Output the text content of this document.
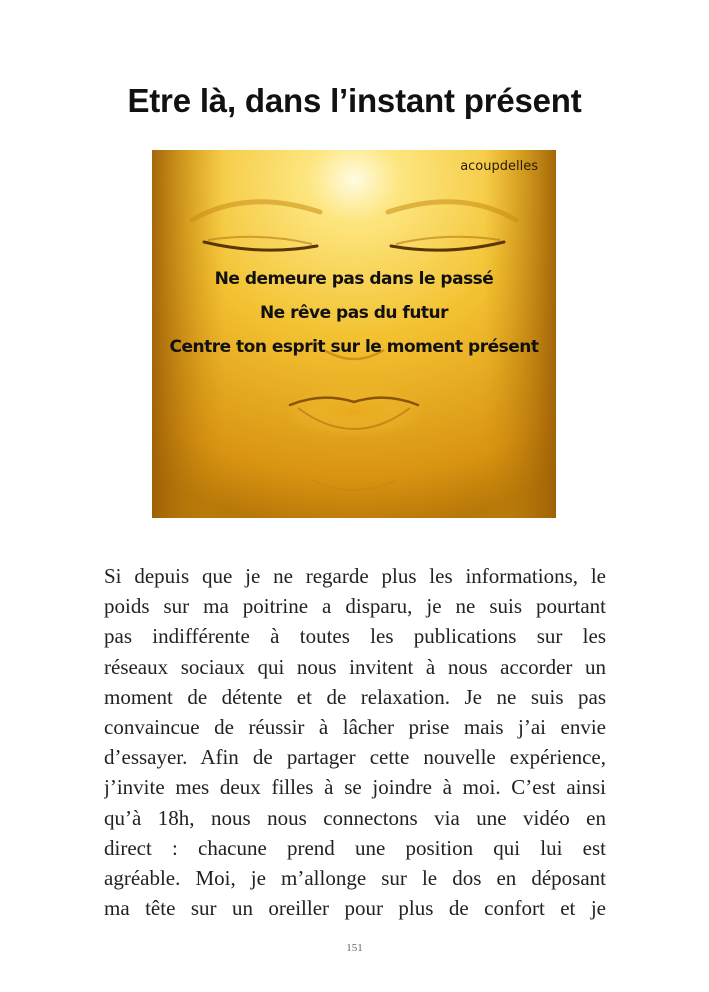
Etre là, dans l’instant présent
acoupdelles
Ne demeure pas dans le passé
Ne rêve pas du futur
Centre ton esprit sur le moment présent
Si depuis que je ne regarde plus les informations, le
poids sur ma poitrine a disparu, je ne suis pourtant
pas indifférente à toutes les publications sur les
réseaux sociaux qui nous invitent à nous accorder un
moment de détente et de relaxation. Je ne suis pas
convaincue de réussir à lâcher prise mais j’ai envie
d’essayer. Afin de partager cette nouvelle expérience,
j’invite mes deux filles à se joindre à moi. C’est ainsi
qu’à 18h, nous nous connectons via une vidéo en
direct : chacune prend une position qui lui est
agréable. Moi, je m’allonge sur le dos en déposant
ma tête sur un oreiller pour plus de confort et je
151
